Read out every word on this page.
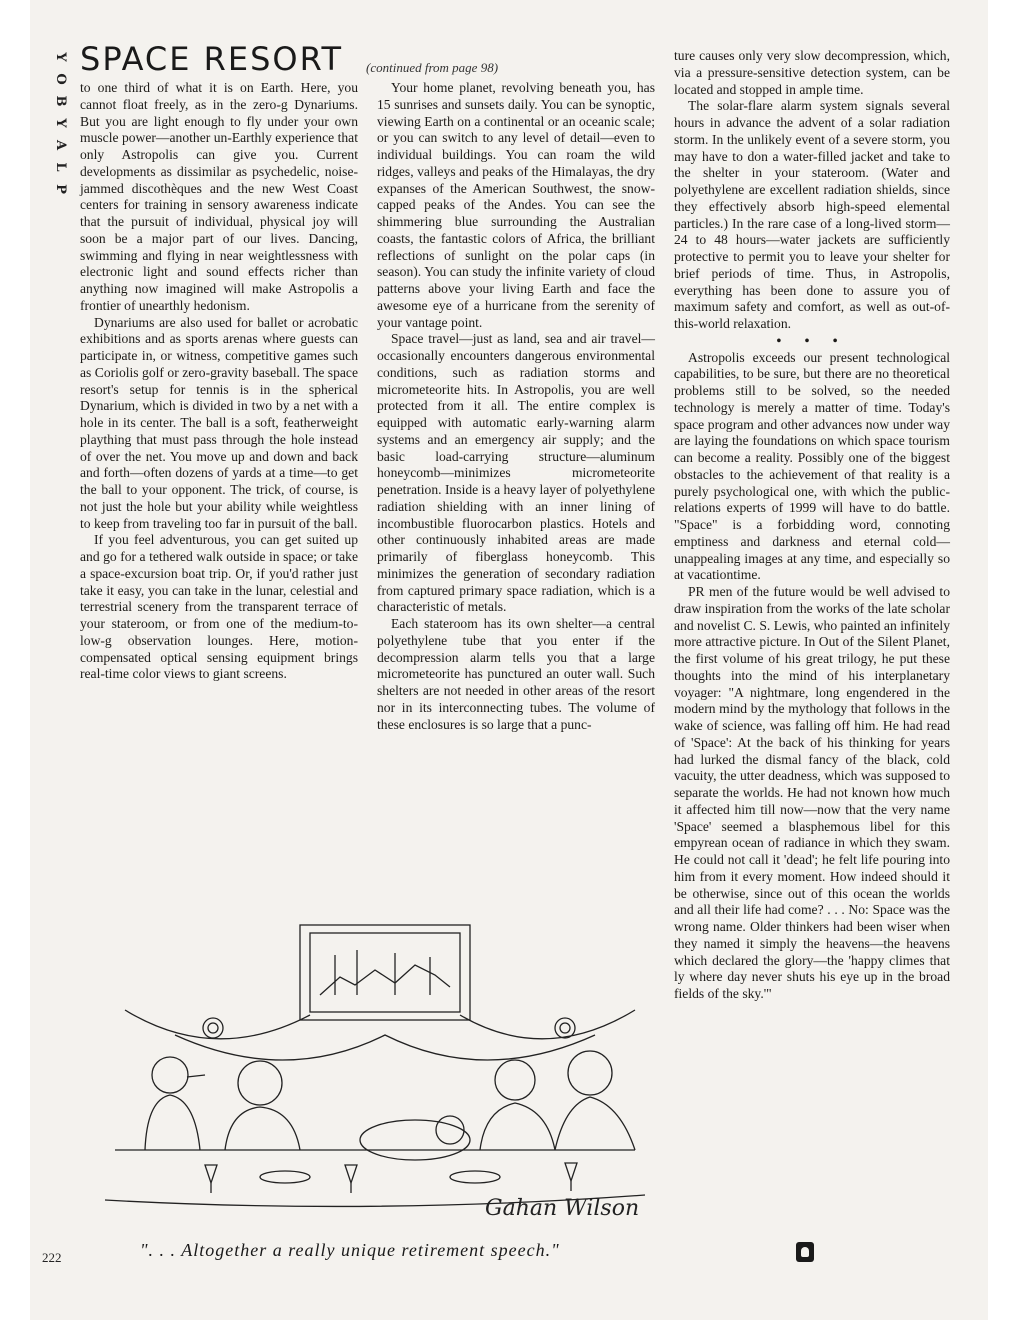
Y
O
B
Y
A
L
P
SPACE RESORT (continued from page 98)

to one third of what it is on Earth. Here, you cannot float freely, as in the zero-g Dynariums. But you are light enough to fly under your own muscle power—another un-Earthly experience that only Astropolis can give you. Current developments as dissimilar as psychedelic, noise-jammed discothèques and the new West Coast centers for training in sensory awareness indicate that the pursuit of individual, physical joy will soon be a major part of our lives. Dancing, swimming and flying in near weightlessness with electronic light and sound effects richer than anything now imagined will make Astropolis a frontier of unearthly hedonism.

Dynariums are also used for ballet or acrobatic exhibitions and as sports arenas where guests can participate in, or witness, competitive games such as Coriolis golf or zero-gravity baseball. The space resort's setup for tennis is in the spherical Dynarium, which is divided in two by a net with a hole in its center. The ball is a soft, featherweight plaything that must pass through the hole instead of over the net. You move up and down and back and forth—often dozens of yards at a time—to get the ball to your opponent. The trick, of course, is not just the hole but your ability while weightless to keep from traveling too far in pursuit of the ball.

If you feel adventurous, you can get suited up and go for a tethered walk outside in space; or take a space-excursion boat trip. Or, if you'd rather just take it easy, you can take in the lunar, celestial and terrestrial scenery from the transparent terrace of your stateroom, or from one of the medium-to-low-g observation lounges. Here, motion-compensated optical sensing equipment brings real-time color views to giant screens.

Your home planet, revolving beneath you, has 15 sunrises and sunsets daily. You can be synoptic, viewing Earth on a continental or an oceanic scale; or you can switch to any level of detail—even to individual buildings. You can roam the wild ridges, valleys and peaks of the Himalayas, the dry expanses of the American Southwest, the snow-capped peaks of the Andes. You can see the shimmering blue surrounding the Australian coasts, the fantastic colors of Africa, the brilliant reflections of sunlight on the polar caps (in season). You can study the infinite variety of cloud patterns above your living Earth and face the awesome eye of a hurricane from the serenity of your vantage point.

Space travel—just as land, sea and air travel—occasionally encounters dangerous environmental conditions, such as radiation storms and micrometeorite hits. In Astropolis, you are well protected from it all. The entire complex is equipped with automatic early-warning alarm systems and an emergency air supply; and the basic load-carrying structure—aluminum honeycomb—minimizes micrometeorite penetration. Inside is a heavy layer of polyethylene radiation shielding with an inner lining of incombustible fluorocarbon plastics. Hotels and other continuously inhabited areas are made primarily of fiberglass honeycomb. This minimizes the generation of secondary radiation from captured primary space radiation, which is a characteristic of metals.

Each stateroom has its own shelter—a central polyethylene tube that you enter if the decompression alarm tells you that a large micrometeorite has punctured an outer wall. Such shelters are not needed in other areas of the resort nor in its interconnecting tubes. The volume of these enclosures is so large that a punc-

ture causes only very slow decompression, which, via a pressure-sensitive detection system, can be located and stopped in ample time.

The solar-flare alarm system signals several hours in advance the advent of a solar radiation storm. In the unlikely event of a severe storm, you may have to don a water-filled jacket and take to the shelter in your stateroom. (Water and polyethylene are excellent radiation shields, since they effectively absorb high-speed elemental particles.) In the rare case of a long-lived storm—24 to 48 hours—water jackets are sufficiently protective to permit you to leave your shelter for brief periods of time. Thus, in Astropolis, everything has been done to assure you of maximum safety and comfort, as well as out-of-this-world relaxation.

• • •

Astropolis exceeds our present technological capabilities, to be sure, but there are no theoretical problems still to be solved, so the needed technology is merely a matter of time. Today's space program and other advances now under way are laying the foundations on which space tourism can become a reality. Possibly one of the biggest obstacles to the achievement of that reality is a purely psychological one, with which the public-relations experts of 1999 will have to do battle. "Space" is a forbidding word, connoting emptiness and darkness and eternal cold—unappealing images at any time, and especially so at vacationtime.

PR men of the future would be well advised to draw inspiration from the works of the late scholar and novelist C. S. Lewis, who painted an infinitely more attractive picture. In Out of the Silent Planet, the first volume of his great trilogy, he put these thoughts into the mind of his interplanetary voyager: "A nightmare, long engendered in the modern mind by the mythology that follows in the wake of science, was falling off him. He had read of 'Space': At the back of his thinking for years had lurked the dismal fancy of the black, cold vacuity, the utter deadness, which was supposed to separate the worlds. He had not known how much it affected him till now—now that the very name 'Space' seemed a blasphemous libel for this empyrean ocean of radiance in which they swam. He could not call it 'dead'; he felt life pouring into him from it every moment. How indeed should it be otherwise, since out of this ocean the worlds and all their life had come? . . . No: Space was the wrong name. Older thinkers had been wiser when they named it simply the heavens—the heavens which declared the glory—the 'happy climes that ly where day never shuts his eye up in the broad fields of the sky.'"

Gahan Wilson
". . . Altogether a really unique retirement speech."
222
